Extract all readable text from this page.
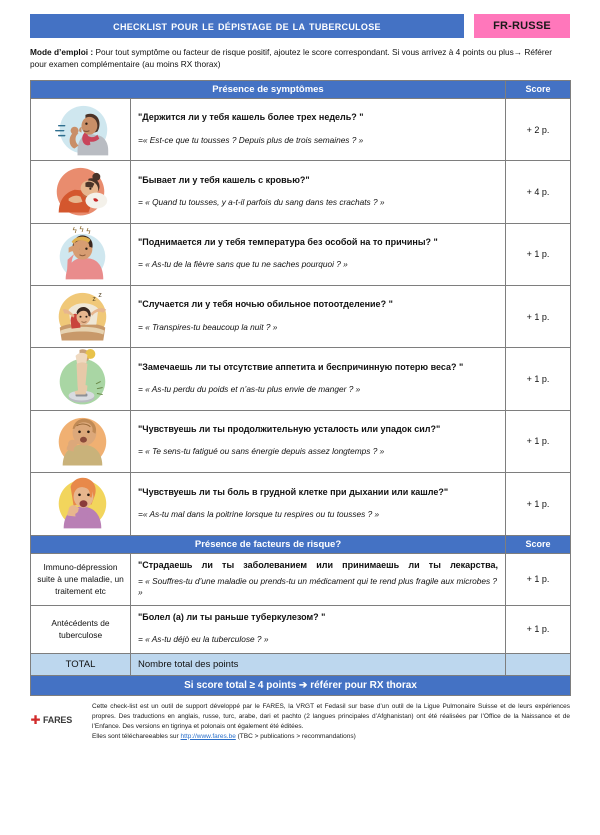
checklist pour le dépistage de la tuberculose	FR-RUSSE
Mode d’emploi : Pour tout symptôme ou facteur de risque positif, ajoutez le score correspondant. Si vous arrivez à 4 points ou plus→ Référer pour examen complémentaire (au moins RX thorax)
Présence de symptômes		Score

"Держится ли у тебя кашель более трех недель? "
=« Est-ce que tu tousses ? Depuis plus de trois semaines ? »	+ 2 p.

"Бывает ли у тебя кашель с кровью?"
= « Quand tu tousses, y a-t-il parfois du sang dans tes crachats ? »	+ 4 p.

ϟ ϟ ϟ

"Поднимается ли у тебя температура без особой на то причины? "
= « As-tu de la fièvre sans que tu ne saches pourquoi ? »
	+ 1 p.

z
z

"Случается ли у тебя ночью обильное потоотделение? "
= « Transpires-tu beaucoup la nuit ? »
	+ 1 p.

"Замечаешь ли ты отсутствие аппетита и беспричинную потерю веса? "
= « As-tu perdu du poids et n’as-tu plus envie de manger ? »	+ 1 p.

"Чувствуешь ли ты продолжительную усталость или упадок сил?"
= « Te sens-tu fatigué ou sans énergie depuis assez longtemps ? »	+ 1 p.

"Чувствуешь ли ты боль в грудной клетке при дыхании или кашле?"
=« As-tu mal dans la poitrine lorsque tu respires ou tu tousses ? »	+ 1 p.
Présence de facteurs de risque?		Score
Immuno-dépression suite à une maladie, un traitement etc	"Страдаешь ли ты заболеванием или принимаешь ли ты лекарства,
= « Souffres-tu d’une maladie ou prends-tu un médicament qui te rend plus fragile aux microbes ? »	+ 1 p.
Antécédents de tuberculose	"Болел (а) ли ты раньше туберкулезом? "
= « As-tu déjò eu la tuberculose ? »	+ 1 p.
TOTAL	Nombre total des points	
Si score total ≥ 4 points ➔ référer pour RX thorax		
✚ FARES
Cette check-list est un outil de support développé par le FARES, la VRGT et Fedasil sur base d’un outil de la Ligue Pulmonaire Suisse et de leurs expériences propres. Des traductions en anglais, russe, turc, arabe, dari et pachto (2 langues principales d’Afghanistan) ont été réalisées par l’Office de la Naissance et de l’Enfance. Des versions en tigrinya et polonais ont également été éditées.
Elles sont téléchareeables sur http://www.fares.be (TBC > publications > recommandations)
